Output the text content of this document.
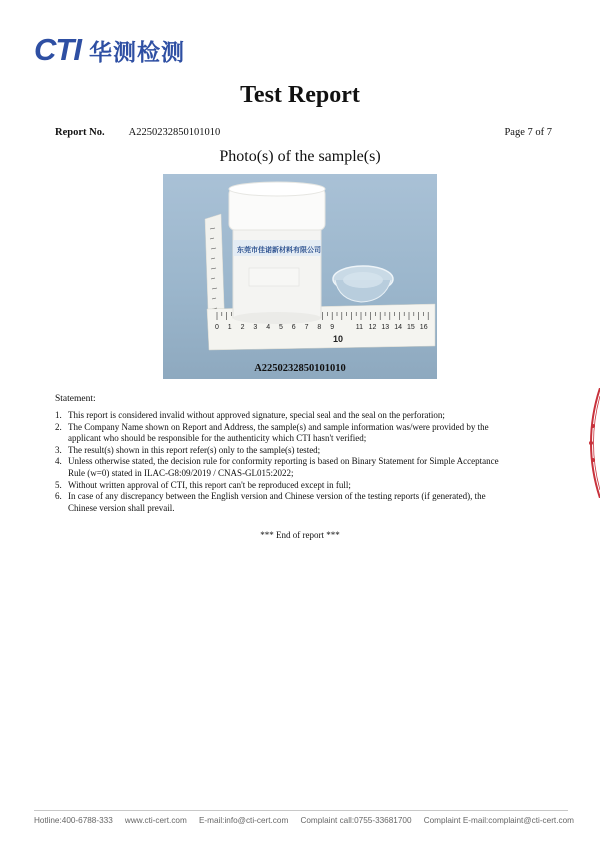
CTI 华测检测
Test Report
Report No. A2250232850101010	Page 7 of 7
Photo(s) of the sample(s)
0 1 2 3 4 5 6 7 8 9	11 12 13 14 15 16
10
东莞市佳诺新材料有限公司
A2250232850101010
Statement:
1. This report is considered invalid without approved signature, special seal and the seal on the perforation;
2. The Company Name shown on Report and Address, the sample(s) and sample information was/were provided by the applicant who should be responsible for the authenticity which CTI hasn't verified;
3. The result(s) shown in this report refer(s) only to the sample(s) tested;
4. Unless otherwise stated, the decision rule for conformity reporting is based on Binary Statement for Simple Acceptance Rule (w=0) stated in ILAC-G8:09/2019 / CNAS-GL015:2022;
5. Without written approval of CTI, this report can't be reproduced except in full;
6. In case of any discrepancy between the English version and Chinese version of the testing reports (if generated), the Chinese version shall prevail.
*** End of report ***
Hotline:400-6788-333 www.cti-cert.com E-mail:info@cti-cert.com Complaint call:0755-33681700 Complaint E-mail:complaint@cti-cert.com
